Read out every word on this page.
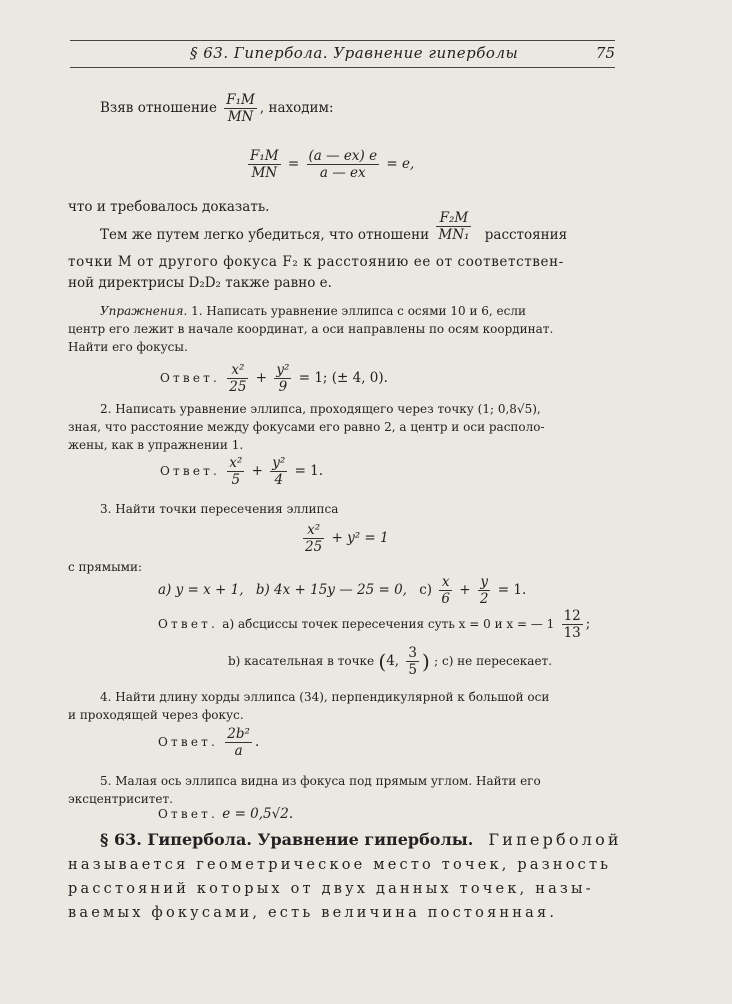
§ 63. Гипербола. Уравнение гиперболы	75
Взяв отношение $\frac{\text{F₁M}}{MN}$ , находим:
$\frac{\text{F₁M}}{MN} = \frac{(a — ex) e}{a — ex} = e$,
что и требовалось доказать.
Тем же путем легко убедиться, что отношени $\frac{\text{F₂M}}{\text{MN₁}}$ расстояния
точки M от другого фокуса F₂ к расстоянию ее от соответствен-
ной директрисы D₂D₂ также равно e.
Упражнения. 1. Написать уравнение эллипса с осями 10 и 6, если
центр его лежит в начале координат, а оси направлены по осям координат.
Найти его фокусы.
Ответ. $\frac{\text{x²}}{25} + \frac{\text{y²}}{9} = 1$; (± 4, 0).
2. Написать уравнение эллипса, проходящего через точку (1; 0,8√5),
зная, что расстояние между фокусами его равно 2, а центр и оси располо-
жены, как в упражнении 1.
Ответ. $\frac{\text{x²}}{5} + \frac{\text{y²}}{4} = 1$.
3. Найти точки пересечения эллипса
$\frac{\text{x²}}{25} + y^2 = 1$
с прямыми:
a) y = x + 1, b) 4x + 15y — 25 = 0, $c) \frac{x}{6} + \frac{y}{2} = 1$.
Ответ. a) абсциссы точек пересечения суть x = 0 и x = — $1 \frac{12}{13}$ ;
b) касательная в точке (4, $\frac{3}{5}$ ) ; c) не пересекает.
4. Найти длину хорды эллипса (34), перпендикулярной к большой оси
и проходящей через фокус.
Ответ. $\frac{\text{2b²}}{a}$ .
5. Малая ось эллипса видна из фокуса под прямым углом. Найти его
эксцентриситет.
Ответ. e = 0,5√2.
§ 63. Гипербола. Уравнение гиперболы. Гиперболой
называется геометрическое место точек, разность
расстояний которых от двух данных точек, назы-
ваемых фокусами, есть величина постоянная.
